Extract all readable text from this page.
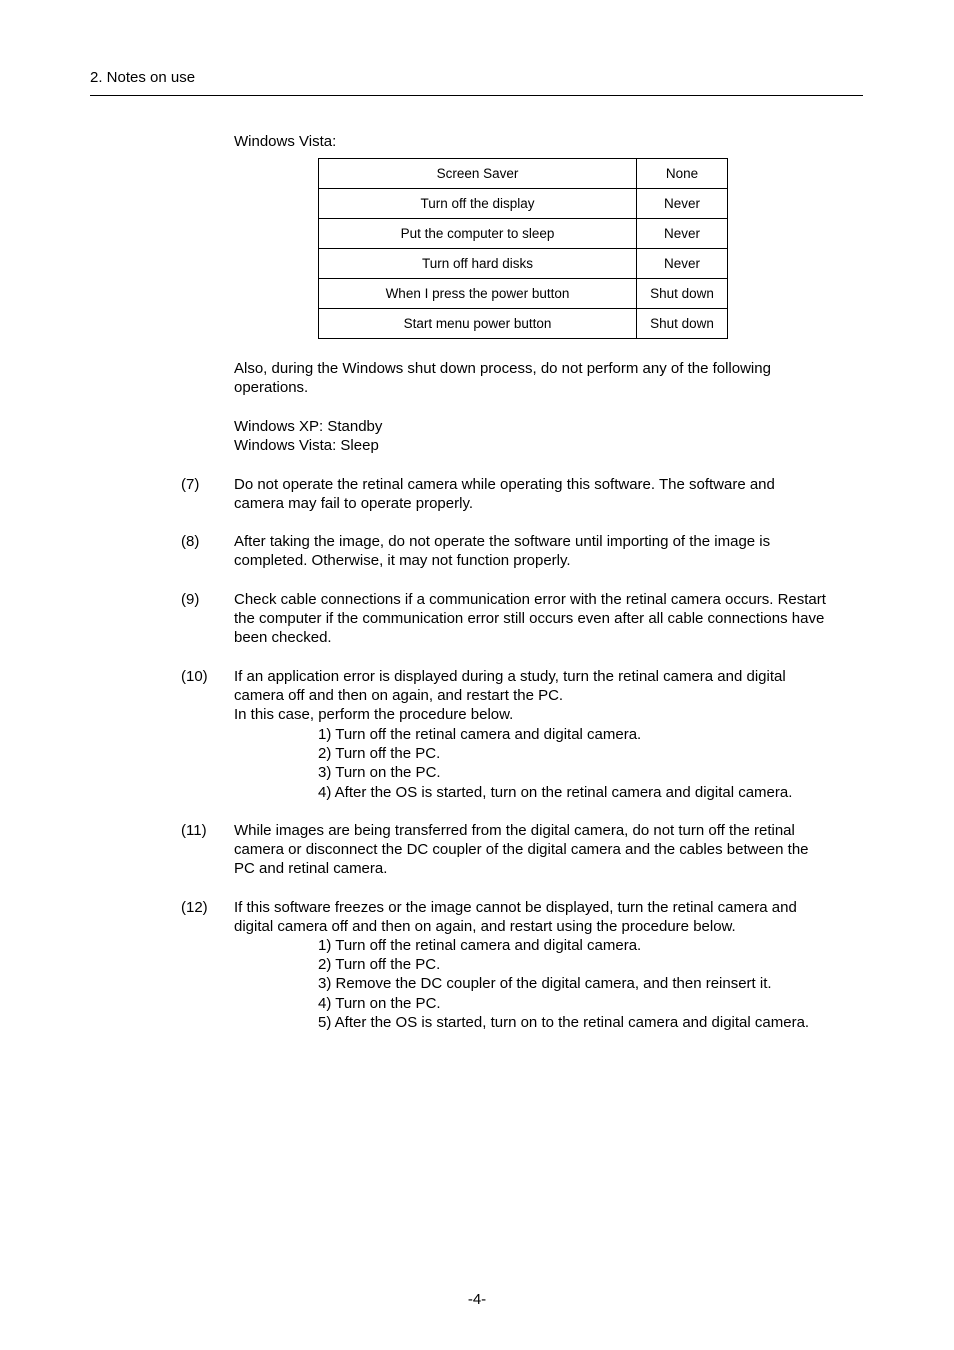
2. Notes on use
Windows Vista:
Screen Saver	None
Turn off the display	Never
Put the computer to sleep	Never
Turn off hard disks	Never
When I press the power button	Shut down
Start menu power button	Shut down
Also, during the Windows shut down process, do not perform any of the following
operations.
Windows XP: Standby
Windows Vista: Sleep
(7) Do not operate the retinal camera while operating this software. The software and
camera may fail to operate properly.
(8) After taking the image, do not operate the software until importing of the image is
completed. Otherwise, it may not function properly.
(9) Check cable connections if a communication error with the retinal camera occurs. Restart
the computer if the communication error still occurs even after all cable connections have
been checked.
(10) If an application error is displayed during a study, turn the retinal camera and digital
camera off and then on again, and restart the PC.
In this case, perform the procedure below.
1) Turn off the retinal camera and digital camera.
2) Turn off the PC.
3) Turn on the PC.
4) After the OS is started, turn on the retinal camera and digital camera.
(11) While images are being transferred from the digital camera, do not turn off the retinal
camera or disconnect the DC coupler of the digital camera and the cables between the
PC and retinal camera.
(12) If this software freezes or the image cannot be displayed, turn the retinal camera and
digital camera off and then on again, and restart using the procedure below.
1) Turn off the retinal camera and digital camera.
2) Turn off the PC.
3) Remove the DC coupler of the digital camera, and then reinsert it.
4) Turn on the PC.
5) After the OS is started, turn on to the retinal camera and digital camera.
-4-
